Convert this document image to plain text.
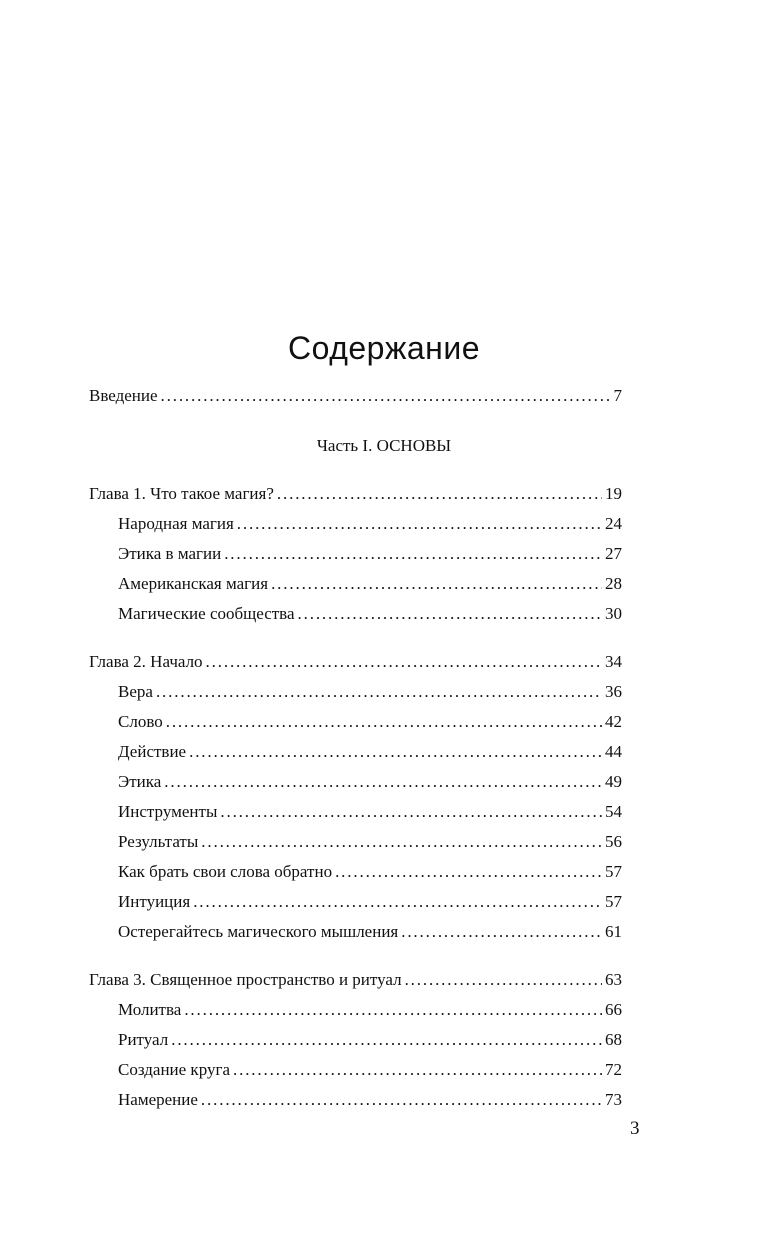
Содержание
Введение . . .	7
Часть I. ОСНОВЫ
Глава 1. Что такое магия? . . .	19
Народная магия . . .	24
Этика в магии . . .	27
Американская магия . . .	28
Магические сообщества . . .	30
Глава 2. Начало . . .	34
Вера . . .	36
Слово . . .	42
Действие . . .	44
Этика . . .	49
Инструменты . . .	54
Результаты . . .	56
Как брать свои слова обратно . . .	57
Интуиция . . .	57
Остерегайтесь магического мышления . . .	61
Глава 3. Священное пространство и ритуал . . .	63
Молитва . . .	66
Ритуал . . .	68
Создание круга . . .	72
Намерение . . .	73
3
